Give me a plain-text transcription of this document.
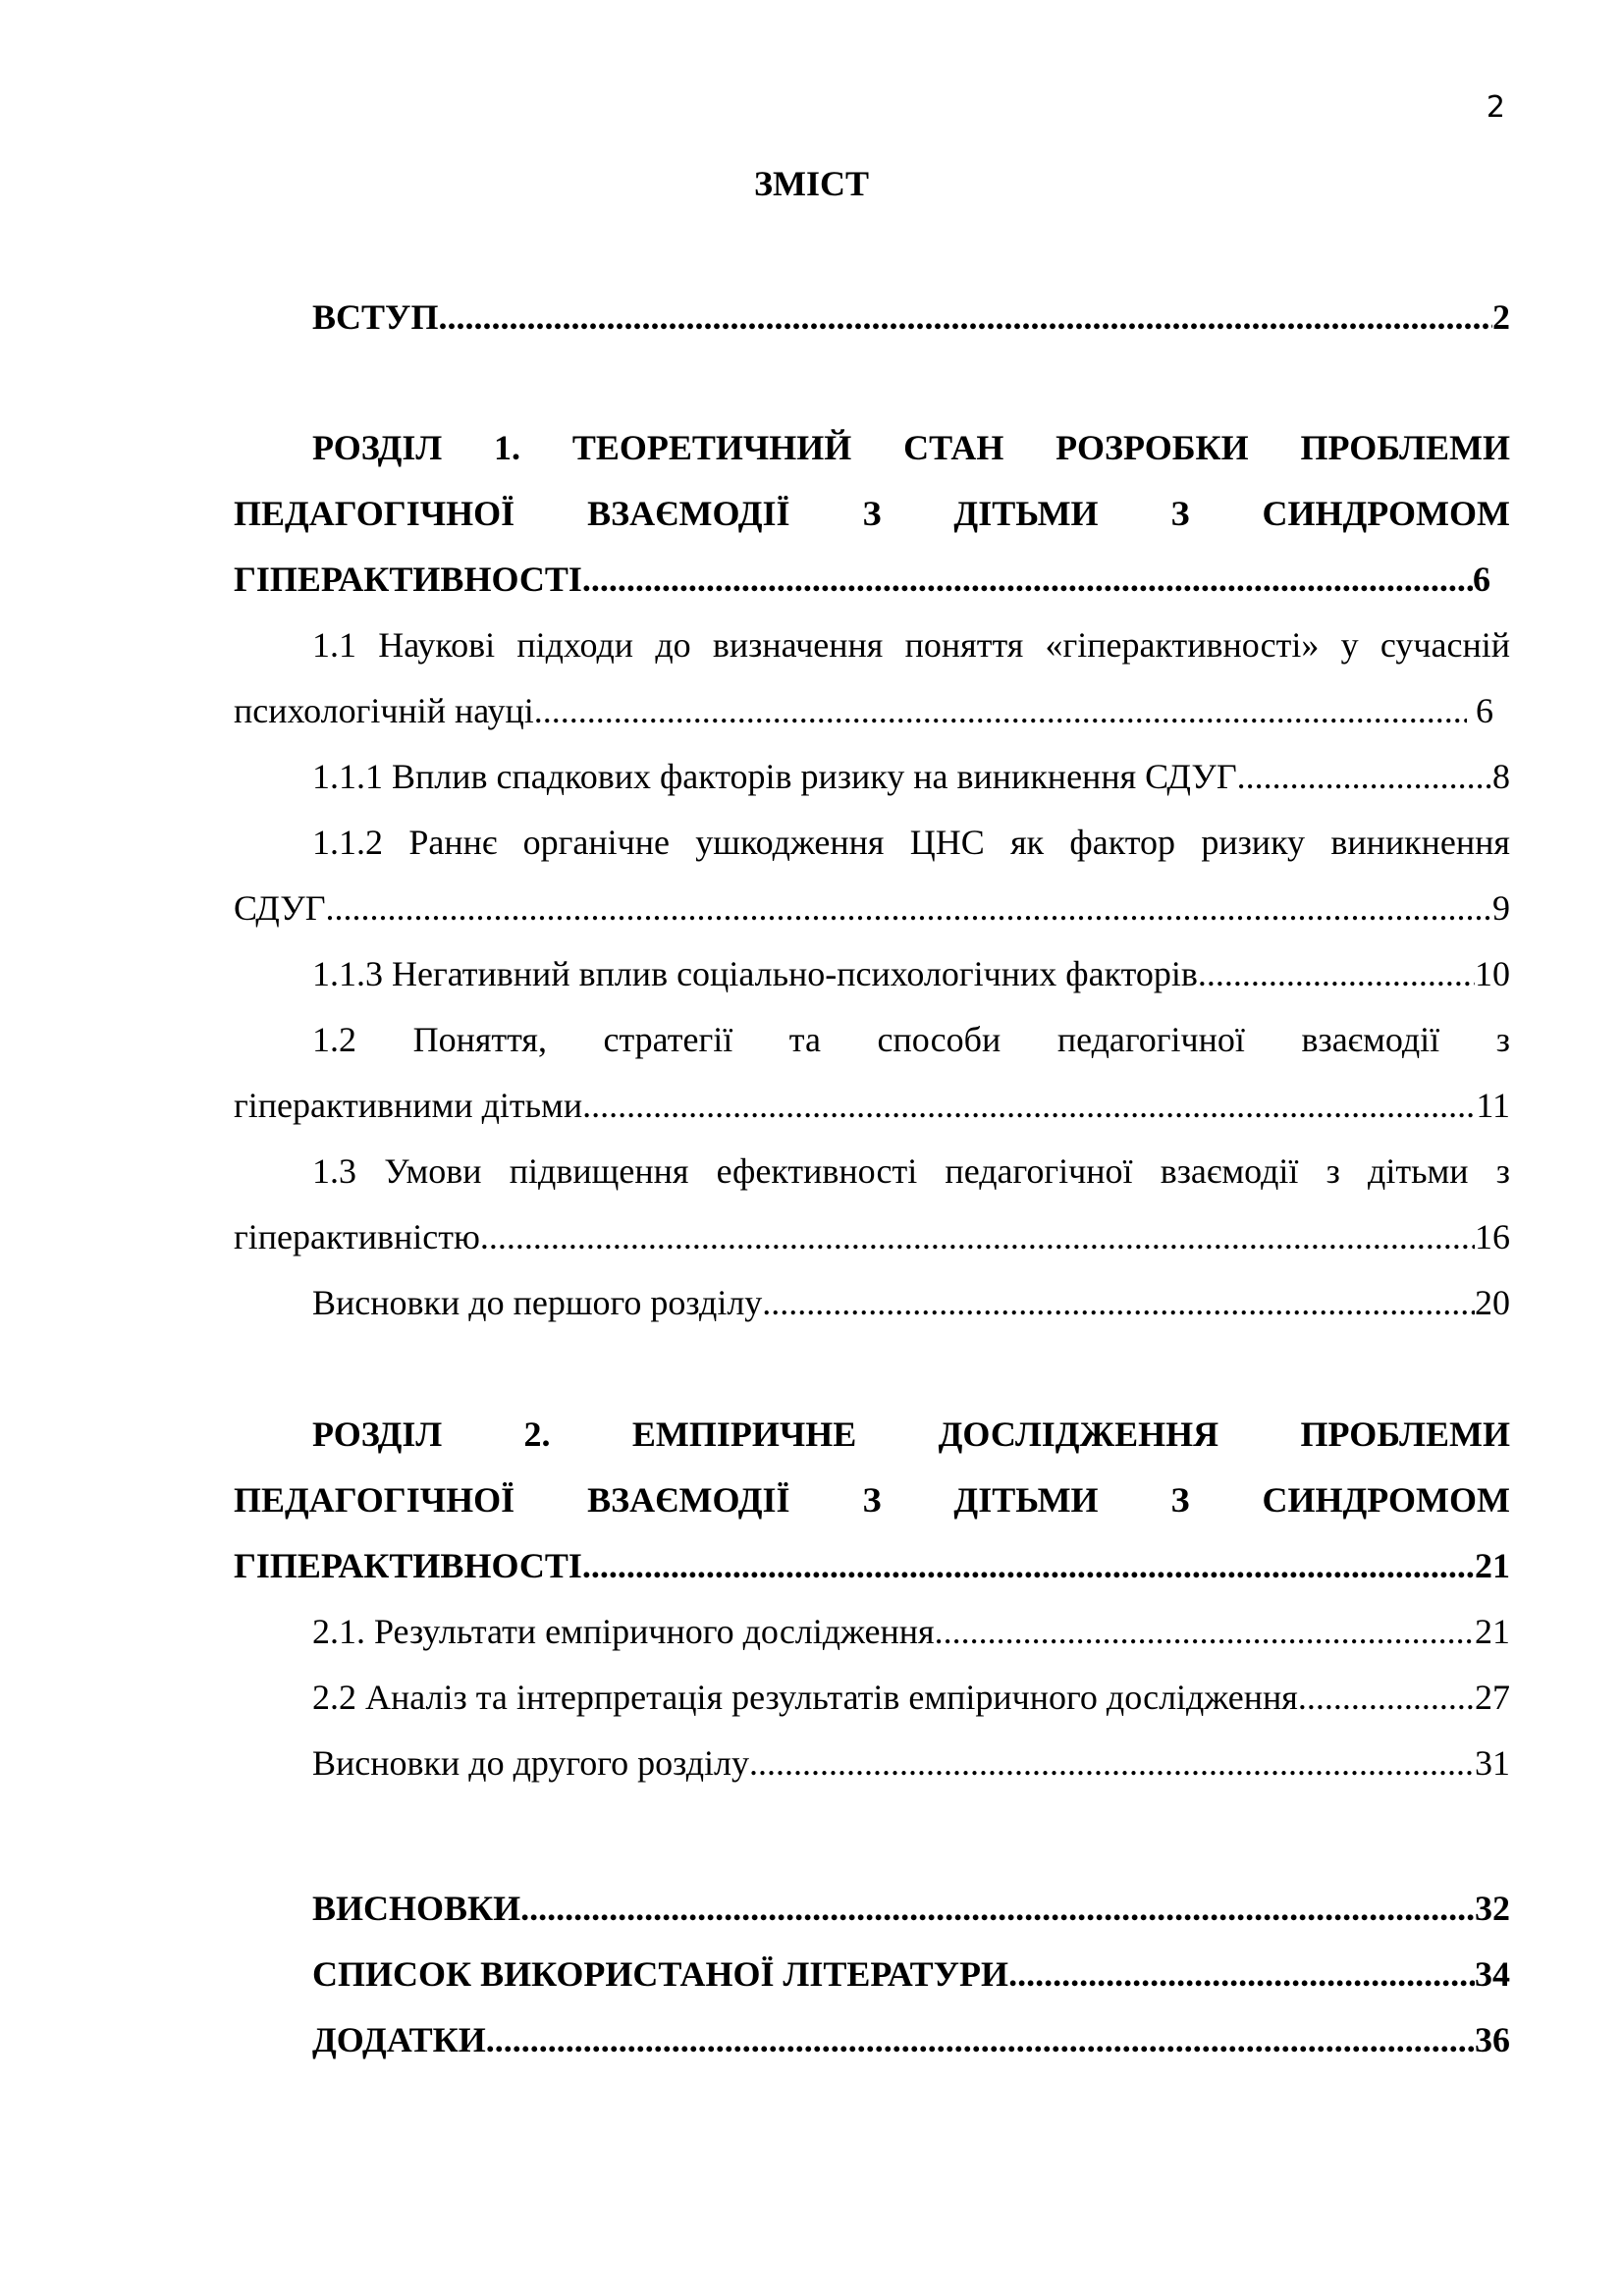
2
ЗМІСТ
ВСТУП .....	2
РОЗДІЛ 1. ТЕОРЕТИЧНИЙ СТАН РОЗРОБКИ ПРОБЛЕМИ
ПЕДАГОГІЧНОЇ ВЗАЄМОДІЇ З ДІТЬМИ З СИНДРОМОМ
ГІПЕРАКТИВНОСТІ .....	6
1.1 Наукові підходи до визначення поняття «гіперактивності» у сучасній
психологічній науці .....	6
1.1.1 Вплив спадкових факторів ризику на виникнення СДУГ .....	8
1.1.2 Раннє органічне ушкодження ЦНС як фактор ризику виникнення
СДУГ .....	9
1.1.3 Негативний вплив соціально-психологічних факторів .....	10
1.2 Поняття, стратегії та способи педагогічної взаємодії з
гіперактивними дітьми .....	11
1.3 Умови підвищення ефективності педагогічної взаємодії з дітьми з
гіперактивністю .....	16
Висновки до першого розділу .....	20
РОЗДІЛ 2. ЕМПІРИЧНЕ ДОСЛІДЖЕННЯ ПРОБЛЕМИ
ПЕДАГОГІЧНОЇ ВЗАЄМОДІЇ З ДІТЬМИ З СИНДРОМОМ
ГІПЕРАКТИВНОСТІ .....	21
2.1. Результати емпіричного дослідження .....	21
2.2 Аналіз та інтерпретація результатів емпіричного дослідження .....	27
Висновки до другого розділу .....	31
ВИСНОВКИ .....	32
СПИСОК ВИКОРИСТАНОЇ ЛІТЕРАТУРИ .....	34
ДОДАТКИ .....	36
